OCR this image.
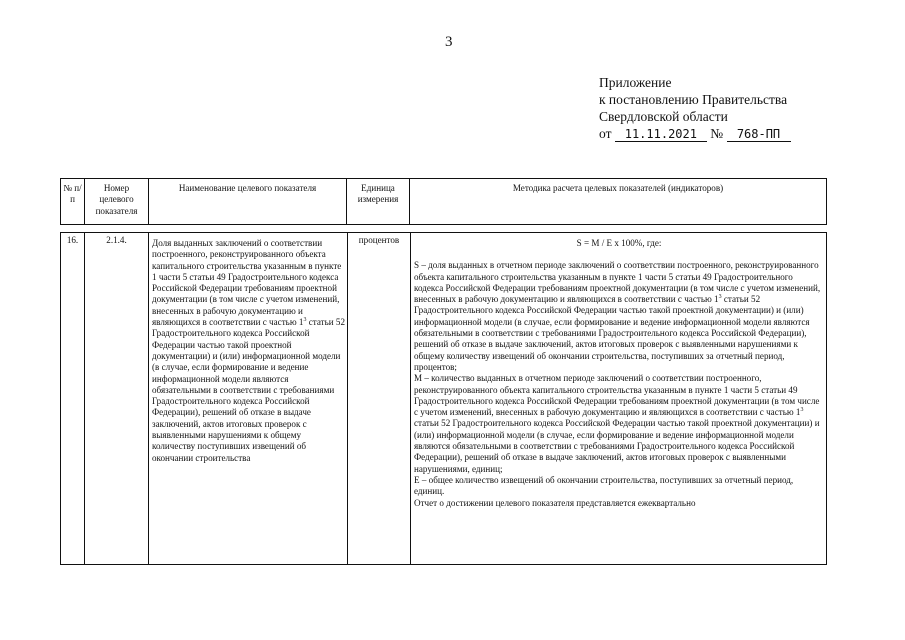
3
Приложение
к постановлению Правительства
Свердловской области
от 11.11.2021 № 768-ПП
№ п/п	Номер целевого показателя	Наименование целевого показателя	Единица измерения	Методика расчета целевых показателей (индикаторов)
16.	2.1.4.	Доля выданных заключений о соответствии построенного, реконструированного объекта капитального строительства указанным в пункте 1 части 5 статьи 49 Градостроительного кодекса Российской Федерации требованиям проектной документации (в том числе с учетом изменений, внесенных в рабочую документацию и являющихся в соответствии с частью $1^3$ статьи 52 Градостроительного кодекса Российской Федерации частью такой проектной документации) и (или) информационной модели (в случае, если формирование и ведение информационной модели являются обязательными в соответствии с требованиями Градостроительного кодекса Российской Федерации), решений об отказе в выдаче заключений, актов итоговых проверок с выявленными нарушениями к общему количеству поступивших извещений об окончании строительства	процентов	S = M / E x 100%, где:

S – доля выданных в отчетном периоде заключений о соответствии построенного, реконструированного объекта капитального строительства указанным в пункте 1 части 5 статьи 49 Градостроительного кодекса Российской Федерации требованиям проектной документации (в том числе с учетом изменений, внесенных в рабочую документацию и являющихся в соответствии с частью $1^3$ статьи 52 Градостроительного кодекса Российской Федерации частью такой проектной документации) и (или) информационной модели (в случае, если формирование и ведение информационной модели являются обязательными в соответствии с требованиями Градостроительного кодекса Российской Федерации), решений об отказе в выдаче заключений, актов итоговых проверок с выявленными нарушениями к общему количеству извещений об окончании строительства, поступивших за отчетный период, процентов;

M – количество выданных в отчетном периоде заключений о соответствии построенного, реконструированного объекта капитального строительства указанным в пункте 1 части 5 статьи 49 Градостроительного кодекса Российской Федерации требованиям проектной документации (в том числе с учетом изменений, внесенных в рабочую документацию и являющихся в соответствии с частью $1^3$ статьи 52 Градостроительного кодекса Российской Федерации частью такой проектной документации) и (или) информационной модели (в случае, если формирование и ведение информационной модели являются обязательными в соответствии с требованиями Градостроительного кодекса Российской Федерации), решений об отказе в выдаче заключений, актов итоговых проверок с выявленными нарушениями, единиц;

E – общее количество извещений об окончании строительства, поступивших за отчетный период, единиц.

Отчет о достижении целевого показателя представляется ежеквартально
